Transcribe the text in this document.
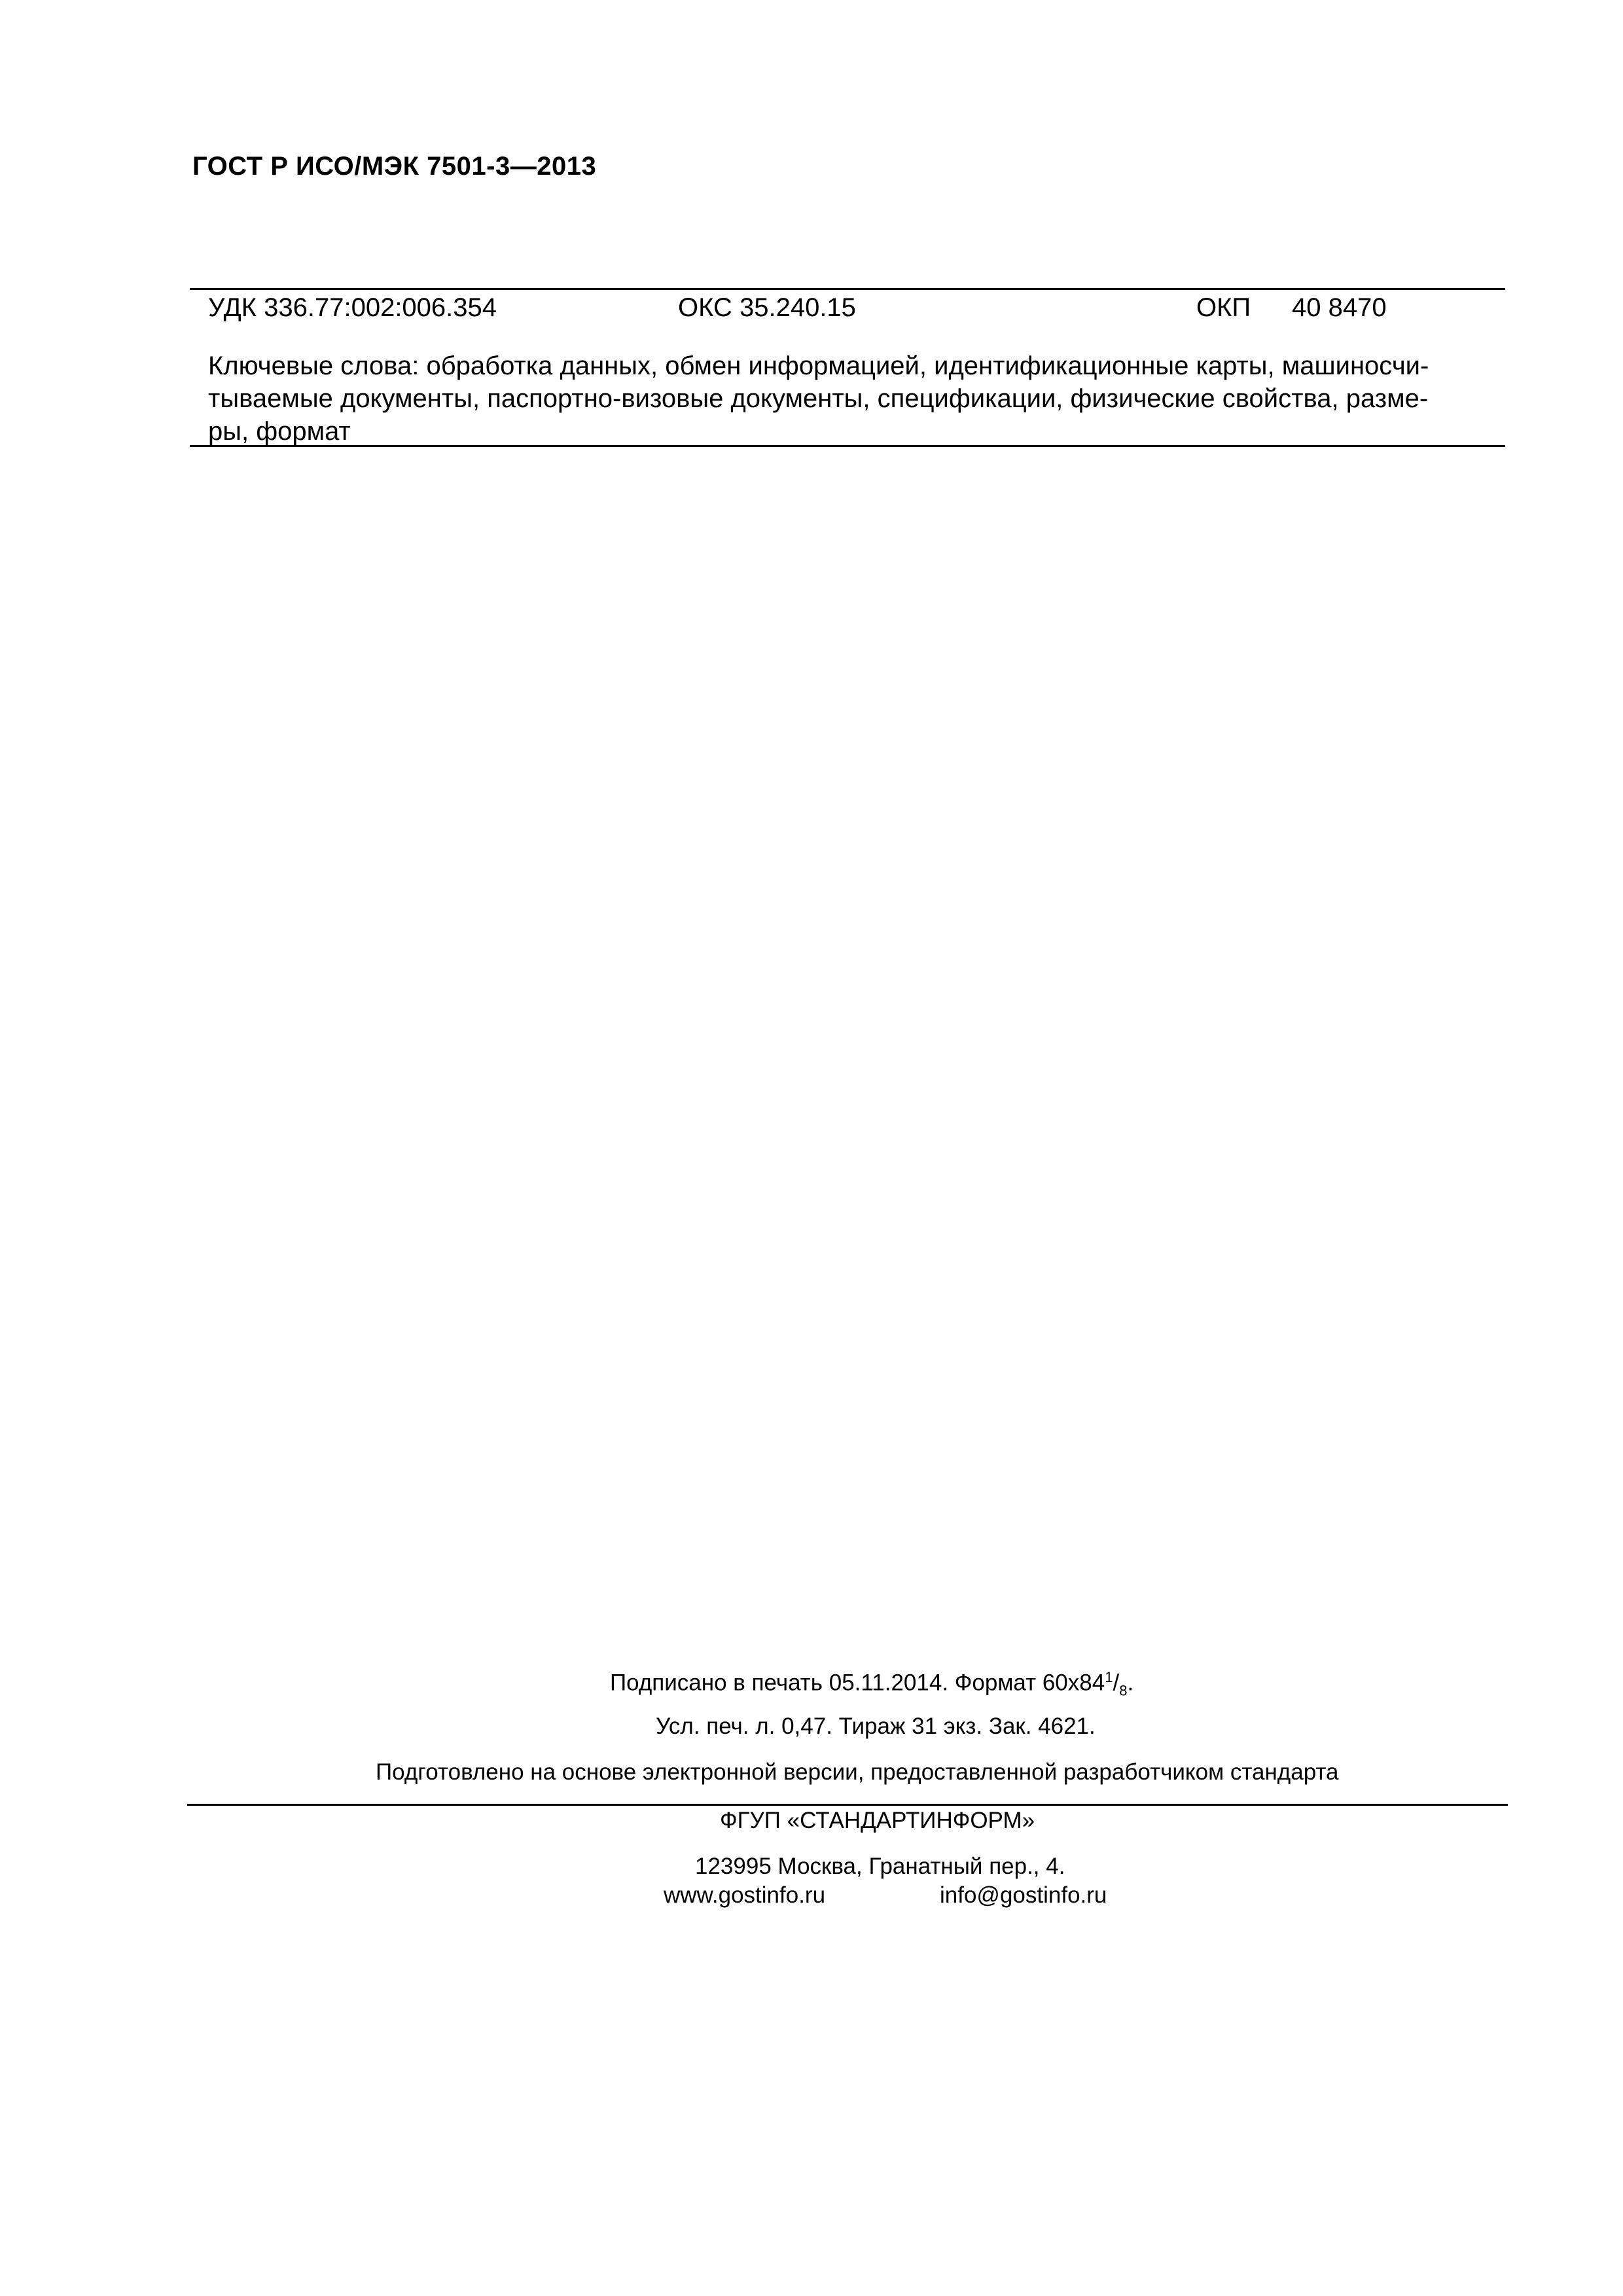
ГОСТ Р ИСО/МЭК 7501-3—2013
УДК 336.77:002:006.354	ОКС 35.240.15	ОКП 40 8470
Ключевые слова: обработка данных, обмен информацией, идентификационные карты, машиносчи-
тываемые документы, паспортно-визовые документы, спецификации, физические свойства, разме-
ры, формат
Подписано в печать 05.11.2014. Формат $60х84^1/_8$.
Усл. печ. л. 0,47. Тираж 31 экз. Зак. 4621.
Подготовлено на основе электронной версии, предоставленной разработчиком стандарта
ФГУП «СТАНДАРТИНФОРМ»
123995 Москва, Гранатный пер., 4.
www.gostinfo.ru	info@gostinfo.ru
